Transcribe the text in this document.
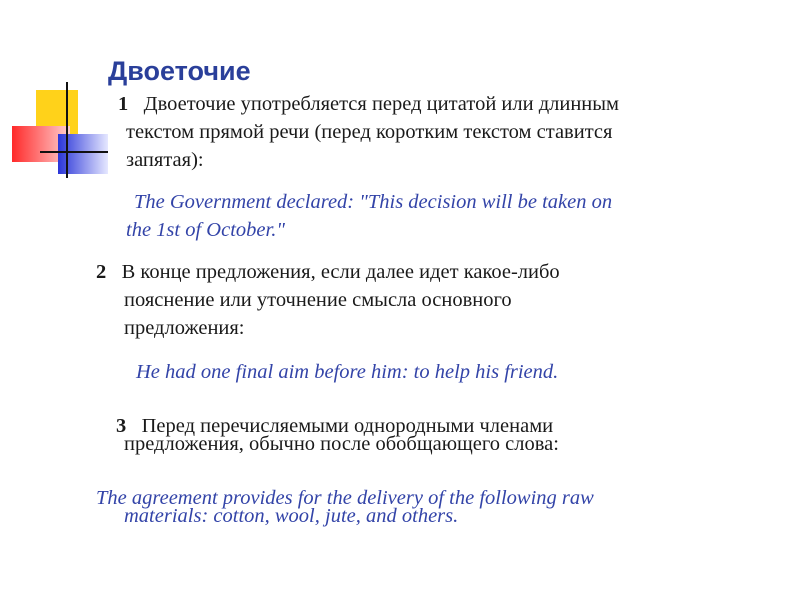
Двоеточие
1 Двоеточие употребляется перед цитатой или длинным
текстом прямой речи (перед коротким текстом ставится
запятая):
The Government declared: "This decision will be taken on
the 1st of October."
2 В конце предложения, если далее идет какое-либо
пояснение или уточнение смысла основного
предложения:
He had one final aim before him: to help his friend.
3 Перед перечисляемыми однородными членами
предложения, обычно после обобщающего слова:
The agreement provides for the delivery of the following raw
materials: cotton, wool, jute, and others.
